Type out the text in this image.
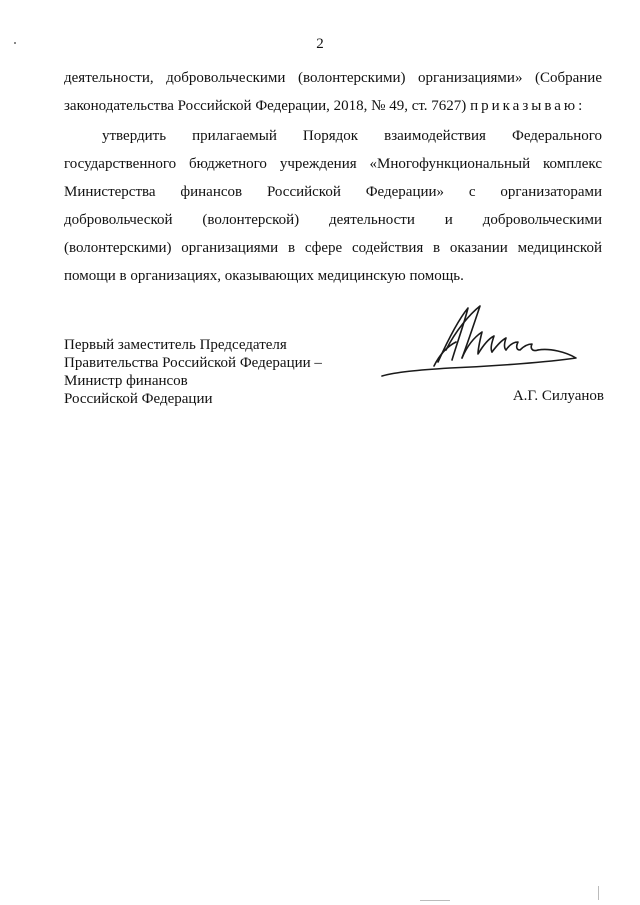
2
деятельности, добровольческими (волонтерскими) организациями» (Собрание
законодательства Российской Федерации, 2018, № 49, ст. 7627) приказываю:
утвердить прилагаемый Порядок взаимодействия Федерального
государственного бюджетного учреждения «Многофункциональный комплекс
Министерства финансов Российской Федерации» с организаторами
добровольческой (волонтерской) деятельности и добровольческими
(волонтерскими) организациями в сфере содействия в оказании медицинской
помощи в организациях, оказывающих медицинскую помощь.
Первый заместитель Председателя
Правительства Российской Федерации –
Министр финансов
Российской Федерации	А.Г. Силуанов
